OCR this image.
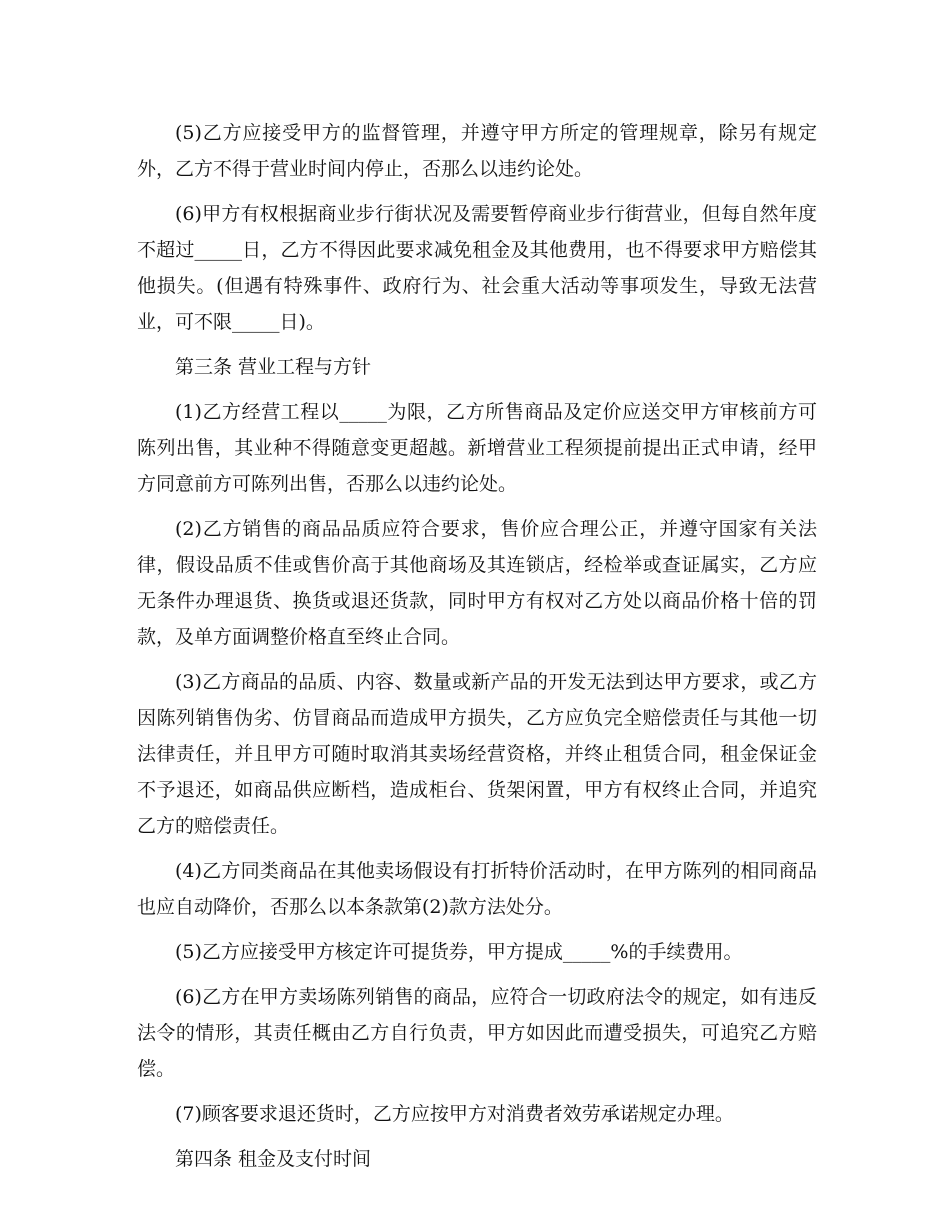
(5)乙方应接受甲方的监督管理，并遵守甲方所定的管理规章，除另有规定外，乙方不得于营业时间内停止，否那么以违约论处。

(6)甲方有权根据商业步行街状况及需要暂停商业步行街营业，但每自然年度不超过_____日，乙方不得因此要求减免租金及其他费用，也不得要求甲方赔偿其他损失。(但遇有特殊事件、政府行为、社会重大活动等事项发生，导致无法营业，可不限_____日)。

第三条 营业工程与方针

(1)乙方经营工程以_____为限，乙方所售商品及定价应送交甲方审核前方可陈列出售，其业种不得随意变更超越。新增营业工程须提前提出正式申请，经甲方同意前方可陈列出售，否那么以违约论处。

(2)乙方销售的商品品质应符合要求，售价应合理公正，并遵守国家有关法律，假设品质不佳或售价高于其他商场及其连锁店，经检举或查证属实，乙方应无条件办理退货、换货或退还货款，同时甲方有权对乙方处以商品价格十倍的罚款，及单方面调整价格直至终止合同。

(3)乙方商品的品质、内容、数量或新产品的开发无法到达甲方要求，或乙方因陈列销售伪劣、仿冒商品而造成甲方损失，乙方应负完全赔偿责任与其他一切法律责任，并且甲方可随时取消其卖场经营资格，并终止租赁合同，租金保证金不予退还，如商品供应断档，造成柜台、货架闲置，甲方有权终止合同，并追究乙方的赔偿责任。

(4)乙方同类商品在其他卖场假设有打折特价活动时，在甲方陈列的相同商品也应自动降价，否那么以本条款第(2)款方法处分。

(5)乙方应接受甲方核定许可提货券，甲方提成_____%的手续费用。

(6)乙方在甲方卖场陈列销售的商品，应符合一切政府法令的规定，如有违反法令的情形，其责任概由乙方自行负责，甲方如因此而遭受损失，可追究乙方赔偿。

(7)顾客要求退还货时，乙方应按甲方对消费者效劳承诺规定办理。

第四条 租金及支付时间
